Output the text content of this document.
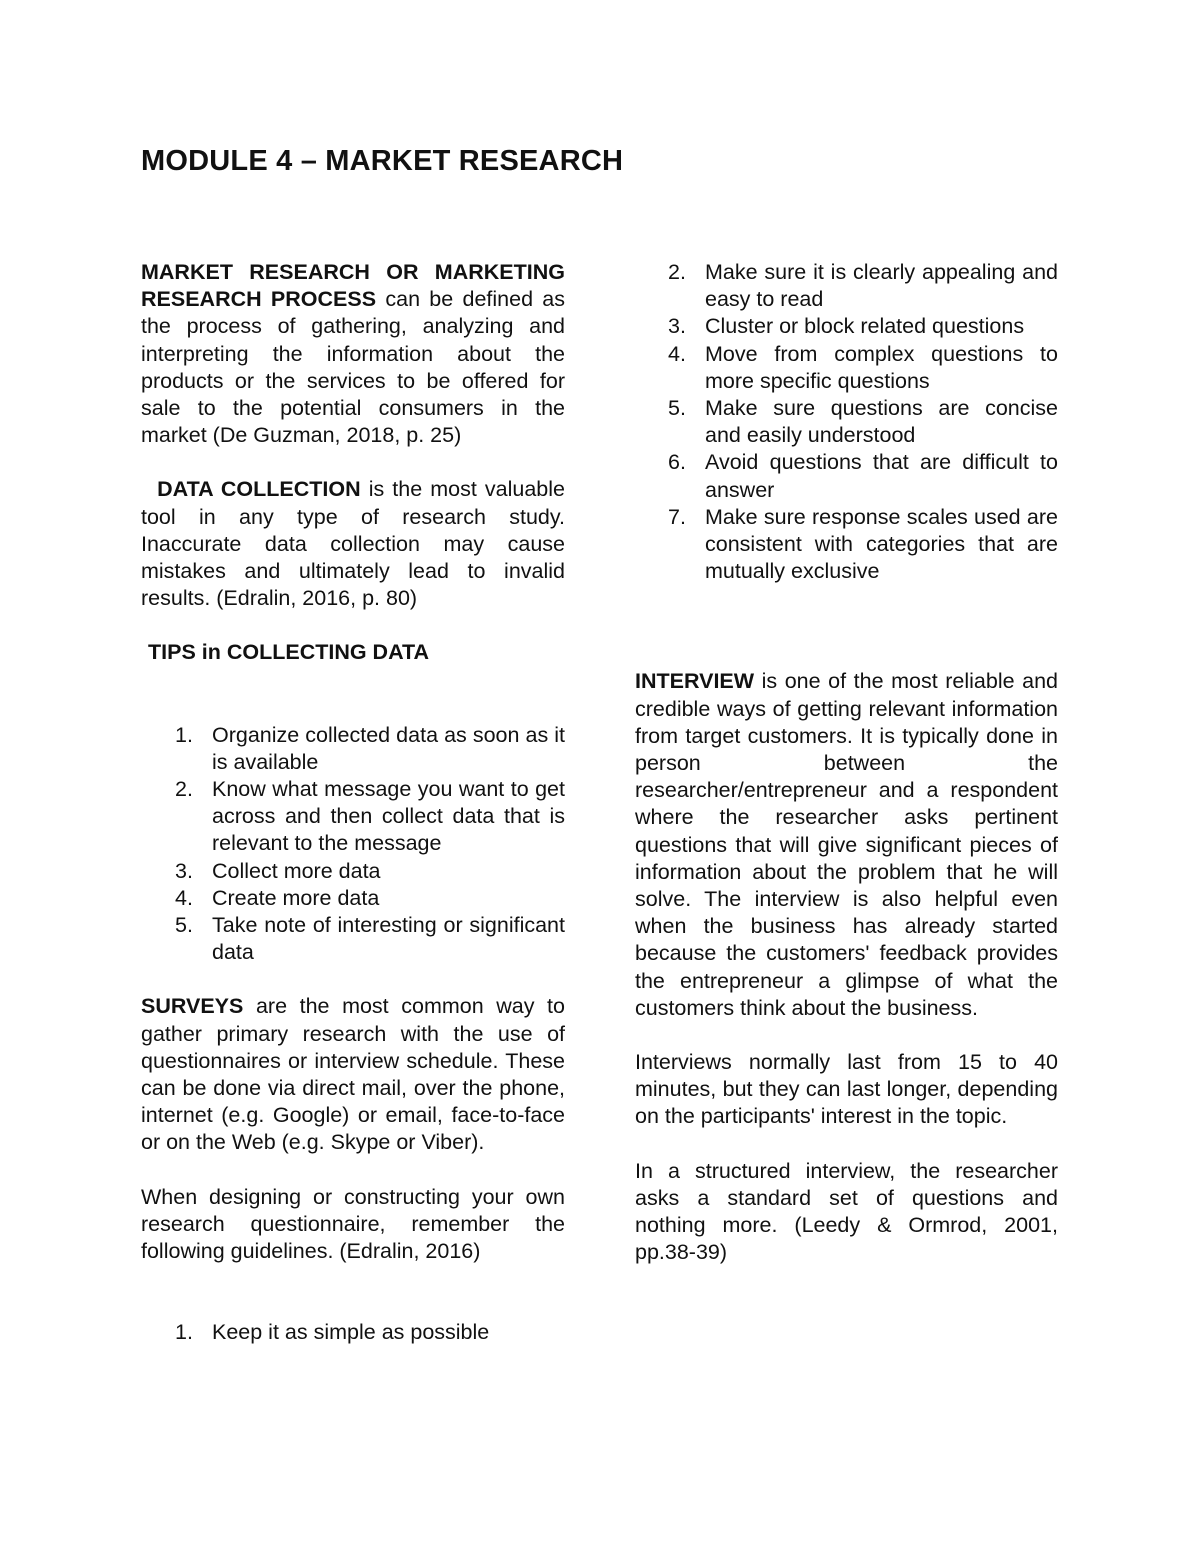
MODULE 4 – MARKET RESEARCH

MARKET RESEARCH OR MARKETING RESEARCH PROCESS can be defined as the process of gathering, analyzing and interpreting the information about the products or the services to be offered for sale to the potential consumers in the market (De Guzman, 2018, p. 25)

DATA COLLECTION is the most valuable tool in any type of research study. Inaccurate data collection may cause mistakes and ultimately lead to invalid results. (Edralin, 2016, p. 80)

TIPS in COLLECTING DATA

1. Organize collected data as soon as it is available
2. Know what message you want to get across and then collect data that is relevant to the message
3. Collect more data
4. Create more data
5. Take note of interesting or significant data

SURVEYS are the most common way to gather primary research with the use of questionnaires or interview schedule. These can be done via direct mail, over the phone, internet (e.g. Google) or email, face-to-face or on the Web (e.g. Skype or Viber).

When designing or constructing your own research questionnaire, remember the following guidelines. (Edralin, 2016)

1. Keep it as simple as possible
2. Make sure it is clearly appealing and easy to read
3. Cluster or block related questions
4. Move from complex questions to more specific questions
5. Make sure questions are concise and easily understood
6. Avoid questions that are difficult to answer
7. Make sure response scales used are consistent with categories that are mutually exclusive

INTERVIEW is one of the most reliable and credible ways of getting relevant information from target customers. It is typically done in person between the researcher/entrepreneur and a respondent where the researcher asks pertinent questions that will give significant pieces of information about the problem that he will solve. The interview is also helpful even when the business has already started because the customers' feedback provides the entrepreneur a glimpse of what the customers think about the business.

Interviews normally last from 15 to 40 minutes, but they can last longer, depending on the participants' interest in the topic.

In a structured interview, the researcher asks a standard set of questions and nothing more. (Leedy & Ormrod, 2001, pp.38-39)
